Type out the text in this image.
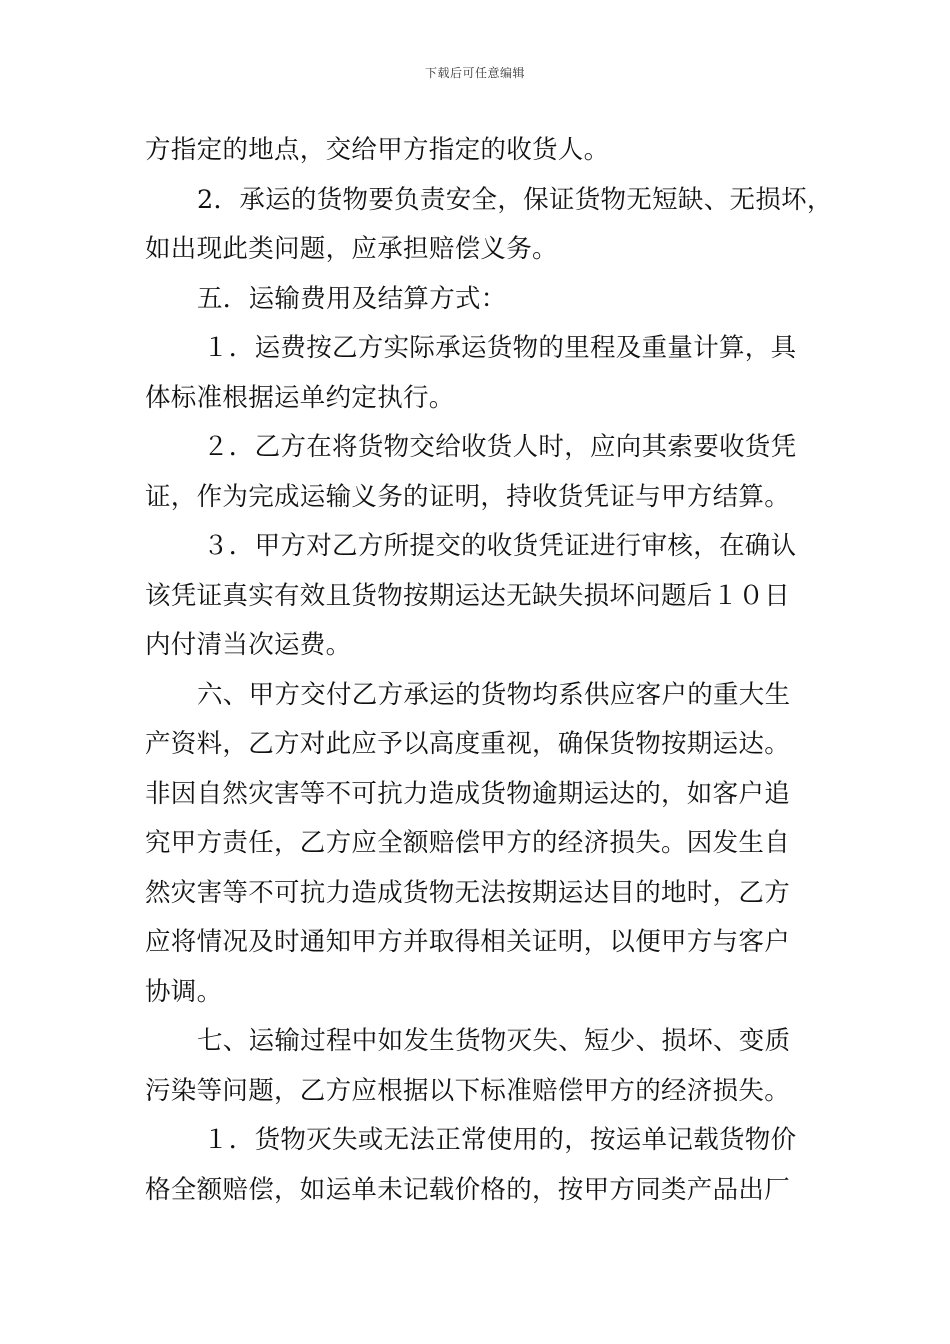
下载后可任意编辑
方指定的地点，交给甲方指定的收货人。
2．承运的货物要负责安全，保证货物无短缺、无损坏，
如出现此类问题，应承担赔偿义务。
五．运输费用及结算方式：
１．运费按乙方实际承运货物的里程及重量计算，具
体标准根据运单约定执行。
２．乙方在将货物交给收货人时，应向其索要收货凭
证，作为完成运输义务的证明，持收货凭证与甲方结算。
３．甲方对乙方所提交的收货凭证进行审核，在确认
该凭证真实有效且货物按期运达无缺失损坏问题后１０日
内付清当次运费。
六、甲方交付乙方承运的货物均系供应客户的重大生
产资料，乙方对此应予以高度重视，确保货物按期运达。
非因自然灾害等不可抗力造成货物逾期运达的，如客户追
究甲方责任，乙方应全额赔偿甲方的经济损失。因发生自
然灾害等不可抗力造成货物无法按期运达目的地时，乙方
应将情况及时通知甲方并取得相关证明，以便甲方与客户
协调。
七、运输过程中如发生货物灭失、短少、损坏、变质
污染等问题，乙方应根据以下标准赔偿甲方的经济损失。
１．货物灭失或无法正常使用的，按运单记载货物价
格全额赔偿，如运单未记载价格的，按甲方同类产品出厂
